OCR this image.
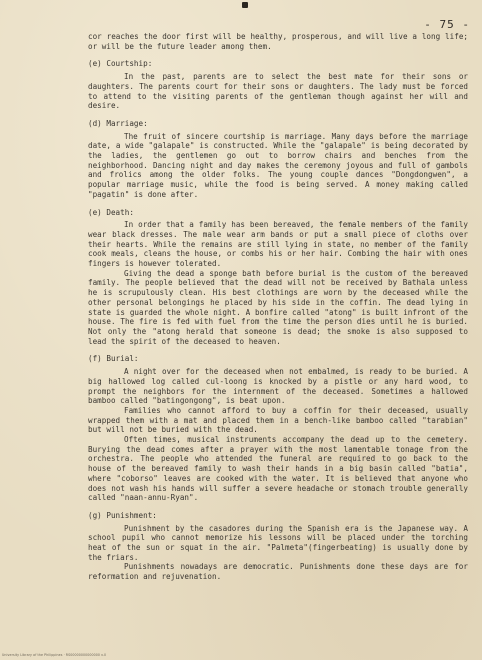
- 75 -

cor reaches the door first will be healthy, prosperous, and will live a long life; or will be the future leader among them.

(e) Courtship:

In the past, parents are to select the best mate for their sons or daughters. The parents court for their sons or daughters. The lady must be forced to attend to the visiting parents of the gentleman though against her will and desire.

(d) Marriage:

The fruit of sincere courtship is marriage. Many days before the marriage date, a wide "galapale" is constructed. While the "galapale" is being decorated by the ladies, the gentlemen go out to borrow chairs and benches from the neighborhood. Dancing night and day makes the ceremony joyous and full of gambols and frolics among the older folks. The young couple dances "Dongdongwen", a popular marriage music, while the food is being served. A money making called "pagatin" is done after.

(e) Death:

In order that a family has been bereaved, the female members of the family wear black dresses. The male wear arm bands or put a small piece of cloths over their hearts. While the remains are still lying in state, no member of the family cook meals, cleans the house, or combs his or her hair. Combing the hair with ones fingers is however tolerated.

Giving the dead a sponge bath before burial is the custom of the bereaved family. The people believed that the dead will not be received by Bathala unless he is scrupulously clean. His best clothings are worn by the deceased while the other personal belongings he placed by his side in the coffin. The dead lying in state is guarded the whole night. A bonfire called "atong" is built infront of the house. The fire is fed with fuel from the time the person dies until he is buried. Not only the "atong herald that someone is dead; the smoke is also supposed to lead the spirit of the deceased to heaven.

(f) Burial:

A night over for the deceased when not embalmed, is ready to be buried. A big hallowed log called cul-loong is knocked by a pistle or any hard wood, to prompt the neighbors for the internment of the deceased. Sometimes a hallowed bamboo called "batingongong", is beat upon.

Families who cannot afford to buy a coffin for their deceased, usually wrapped them with a mat and placed them in a bench-like bamboo called "tarabian" but will not be buried with the dead.

Often times, musical instruments accompany the dead up to the cemetery. Burying the dead comes after a prayer with the most lamentable tonage from the orchestra. The people who attended the funeral are required to go back to the house of the bereaved family to wash their hands in a big basin called "batia", where "coborso" leaves are cooked with the water. It is believed that anyone who does not wash his hands will suffer a severe headache or stomach trouble generally called "naan-annu-Ryan".

(g) Punishment:

Punishment by the casadores during the Spanish era is the Japanese way. A school pupil who cannot memorize his lessons will be placed under the torching heat of the sun or squat in the air. "Palmeta"(fingerbeating) is usually done by the friars.

Punishments nowadays are democratic. Punishments done these days are for reformation and rejuvenation.

University Library of the Philippines · RS00000000000000 v.0
